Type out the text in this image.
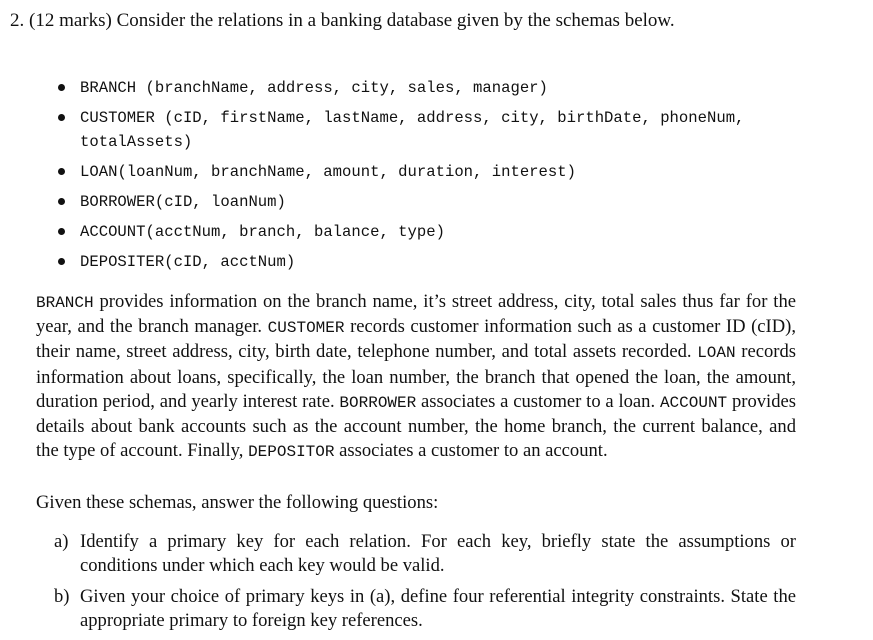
2. (12 marks) Consider the relations in a banking database given by the schemas below.
BRANCH (branchName, address, city, sales, manager)
CUSTOMER (cID, firstName, lastName, address, city, birthDate, phoneNum,
totalAssets)
LOAN(loanNum, branchName, amount, duration, interest)
BORROWER(cID, loanNum)
ACCOUNT(acctNum, branch, balance, type)
DEPOSITER(cID, acctNum)

BRANCH provides information on the branch name, it’s street address, city, total sales thus far for the year, and the branch manager. CUSTOMER records customer information such as a customer ID (cID), their name, street address, city, birth date, telephone number, and total assets recorded. LOAN records information about loans, specifically, the loan number, the branch that opened the loan, the amount, duration period, and yearly interest rate. BORROWER associates a customer to a loan. ACCOUNT provides details about bank accounts such as the account number, the home branch, the current balance, and the type of account. Finally, DEPOSITOR associates a customer to an account.

Given these schemas, answer the following questions:

a) Identify a primary key for each relation. For each key, briefly state the assumptions or conditions under which each key would be valid.
b) Given your choice of primary keys in (a), define four referential integrity constraints. State the appropriate primary to foreign key references.
